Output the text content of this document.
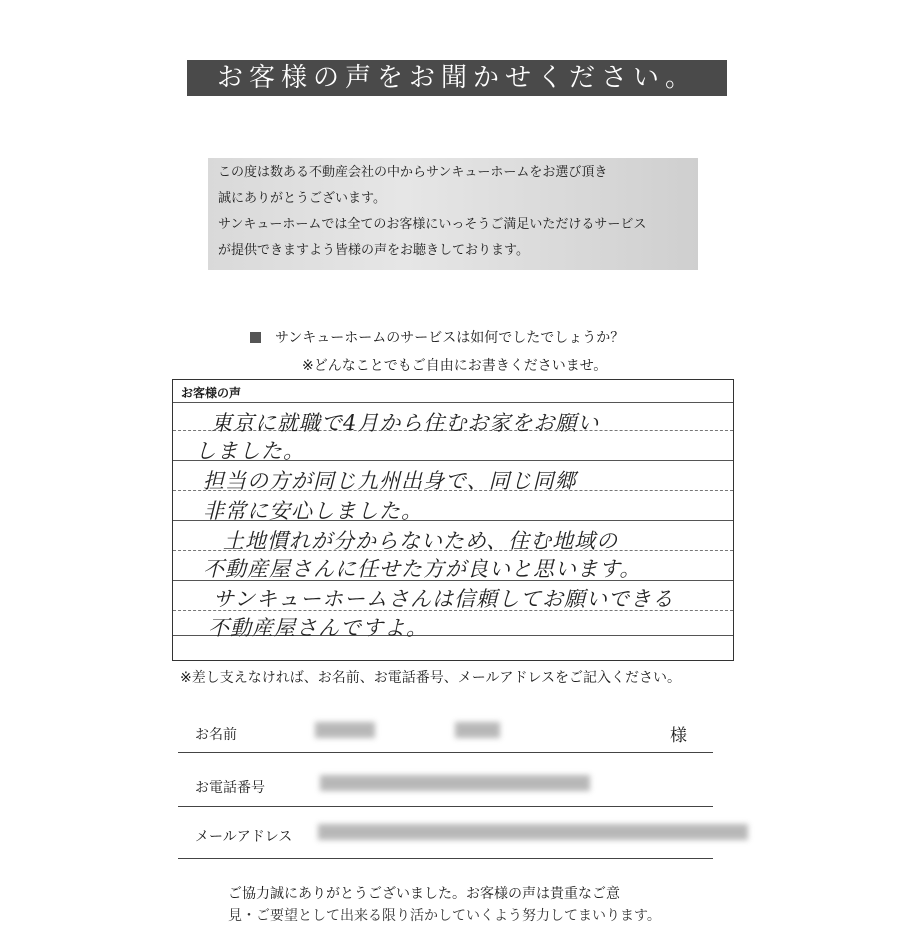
お客様の声をお聞かせください。
この度は数ある不動産会社の中からサンキューホームをお選び頂き
誠にありがとうございます。
サンキューホームでは全てのお客様にいっそうご満足いただけるサービス
が提供できますよう皆様の声をお聴きしております。
サンキューホームのサービスは如何でしたでしょうか？
※どんなことでもご自由にお書きくださいませ。
お客様の声
東京に就職で4月から住むお家をお願い
しました。
担当の方が同じ九州出身で、同じ同郷
非常に安心しました。
土地慣れが分からないため、住む地域の
不動産屋さんに任せた方が良いと思います。
サンキューホームさんは信頼してお願いできる
不動産屋さんですよ。
※差し支えなければ、お名前、お電話番号、メールアドレスをご記入ください。
お名前	様
お電話番号
メールアドレス
ご協力誠にありがとうございました。お客様の声は貴重なご意
見・ご要望として出来る限り活かしていくよう努力してまいります。
